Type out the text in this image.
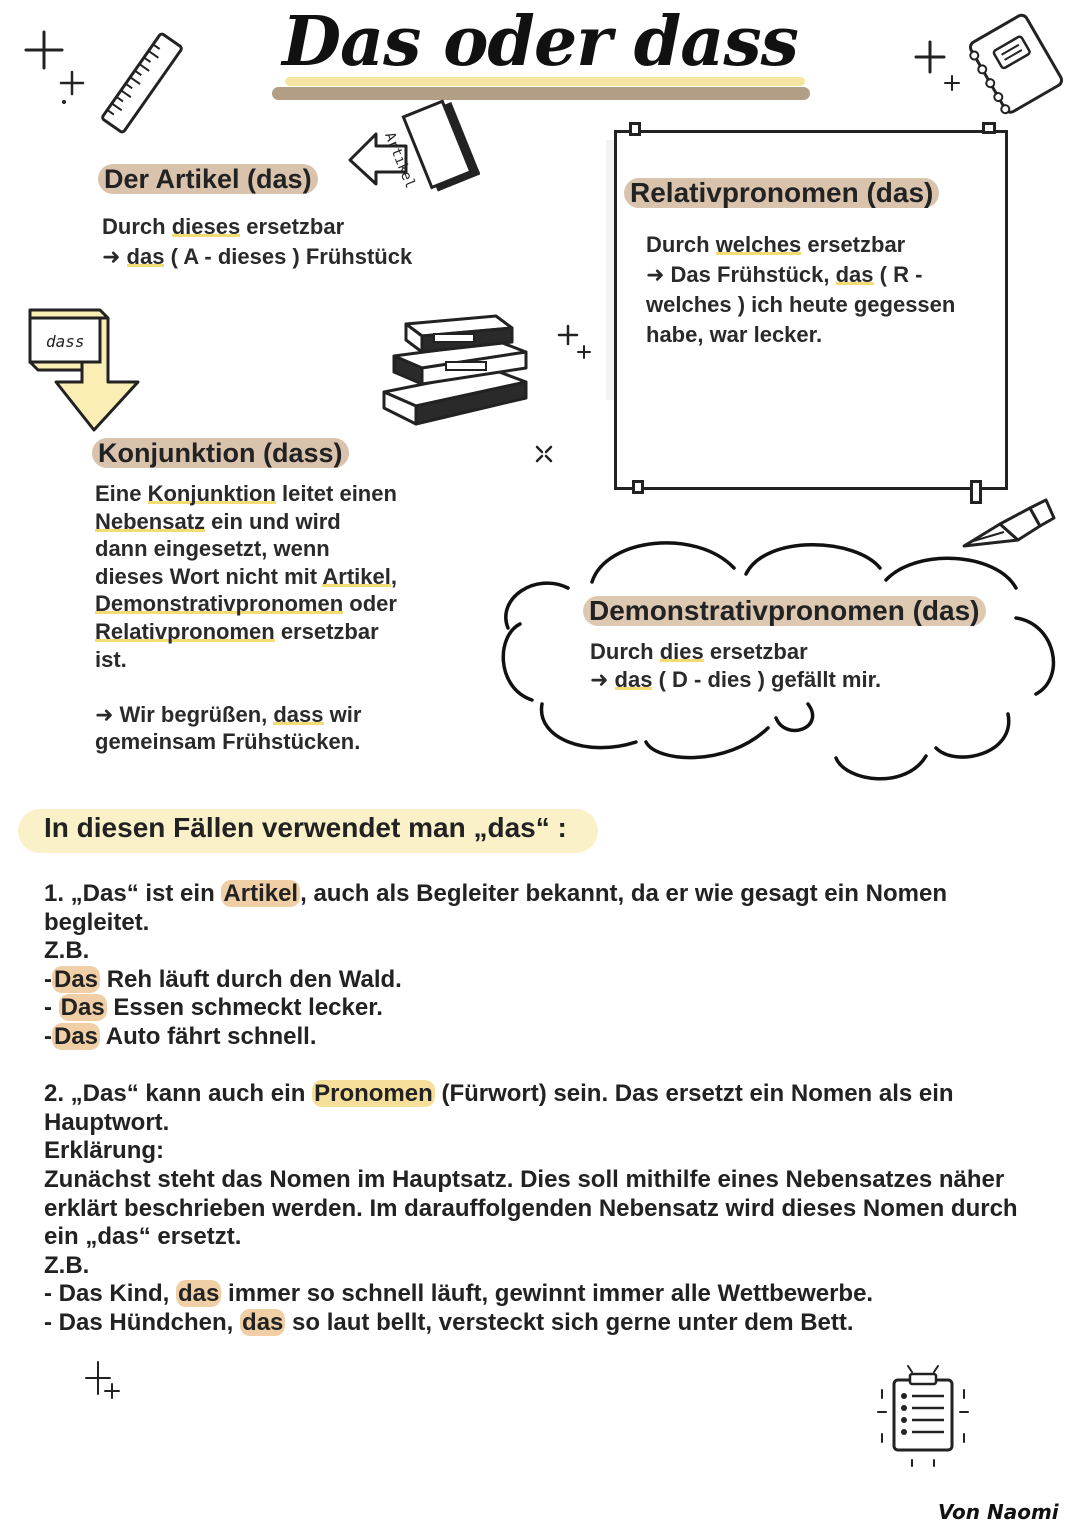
Das oder dass
Artikel
Der Artikel (das)

Durch dieses ersetzbar

➜ das ( A - dieses ) Frühstück

Relativpronomen (das)

Durch welches ersetzbar

➜ Das Frühstück, das ( R -

welches ) ich heute gegessen

habe, war lecker.

dass
Konjunktion (dass)

Eine Konjunktion leitet einen

Nebensatz ein und wird

dann eingesetzt, wenn

dieses Wort nicht mit Artikel,

Demonstrativpronomen oder

Relativpronomen ersetzbar

ist.

➜ Wir begrüßen, dass wir

gemeinsam Frühstücken.

Demonstrativpronomen (das)

Durch dies ersetzbar

➜ das ( D - dies ) gefällt mir.

In diesen Fällen verwendet man „das“ :

1. „Das“ ist ein Artikel, auch als Begleiter bekannt, da er wie gesagt ein Nomen

begleitet.

Z.B.

-Das Reh läuft durch den Wald.

- Das Essen schmeckt lecker.

-Das Auto fährt schnell.

2. „Das“ kann auch ein Pronomen (Fürwort) sein. Das ersetzt ein Nomen als ein

Hauptwort.

Erklärung:

Zunächst steht das Nomen im Hauptsatz. Dies soll mithilfe eines Nebensatzes näher

erklärt beschrieben werden. Im darauffolgenden Nebensatz wird dieses Nomen durch

ein „das“ ersetzt.

Z.B.

- Das Kind, das immer so schnell läuft, gewinnt immer alle Wettbewerbe.

- Das Hündchen, das so laut bellt, versteckt sich gerne unter dem Bett.

Von Naomi
